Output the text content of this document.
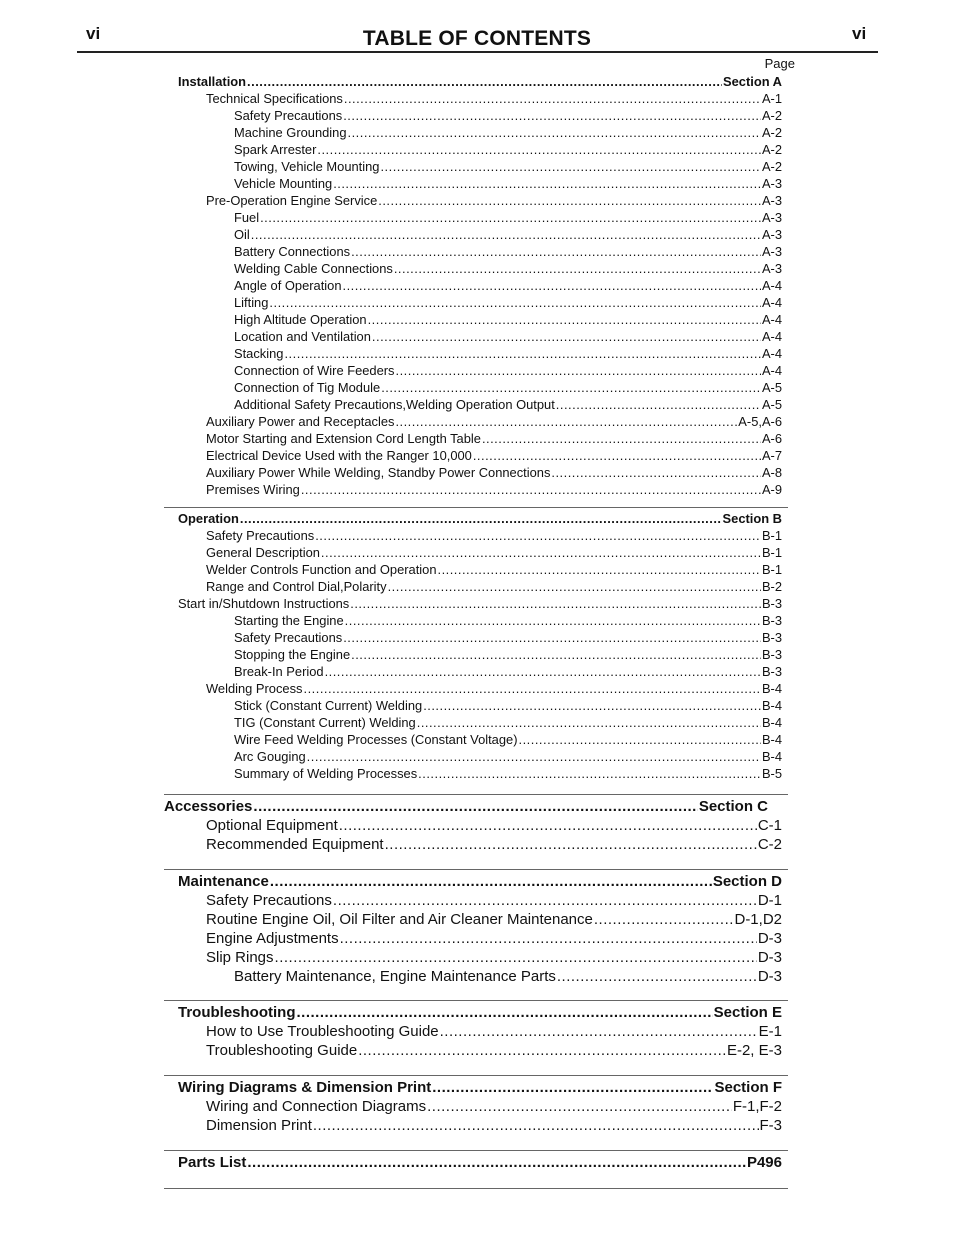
vi	TABLE OF CONTENTS	vi
Page
Installation .....	Section A
Technical Specifications .....	A-1
Safety Precautions .....	A-2
Machine Grounding .....	A-2
Spark Arrester .....	A-2
Towing, Vehicle Mounting .....	A-2
Vehicle Mounting .....	A-3
Pre-Operation Engine Service .....	A-3
Fuel .....	A-3
Oil .....	A-3
Battery Connections .....	A-3
Welding Cable Connections .....	A-3
Angle of Operation .....	A-4
Lifting .....	A-4
High Altitude Operation .....	A-4
Location and Ventilation .....	A-4
Stacking .....	A-4
Connection of Wire Feeders .....	A-4
Connection of Tig Module .....	A-5
Additional Safety Precautions,Welding Operation Output .....	A-5
Auxiliary Power and Receptacles .....	A-5,A-6
Motor Starting and Extension Cord Length Table .....	A-6
Electrical Device Used with the Ranger 10,000 .....	A-7
Auxiliary Power While Welding, Standby Power Connections .....	A-8
Premises Wiring .....	A-9
Operation .....	Section B
Safety Precautions .....	B-1
General Description .....	B-1
Welder Controls Function and Operation .....	B-1
Range and Control Dial,Polarity .....	B-2
Start in/Shutdown Instructions .....	B-3
Starting the Engine .....	B-3
Safety Precautions .....	B-3
Stopping the Engine .....	B-3
Break-In Period .....	B-3
Welding Process .....	B-4
Stick (Constant Current) Welding .....	B-4
TIG (Constant Current) Welding .....	B-4
Wire Feed Welding Processes (Constant Voltage) .....	B-4
Arc Gouging .....	B-4
Summary of Welding Processes .....	B-5
Accessories .....	Section C
Optional Equipment .....	C-1
Recommended Equipment .....	C-2
Maintenance .....	Section D
Safety Precautions .....	D-1
Routine Engine Oil, Oil Filter and Air Cleaner Maintenance .....	D-1,D2
Engine Adjustments .....	D-3
Slip Rings .....	D-3
Battery Maintenance, Engine Maintenance Parts .....	D-3
Troubleshooting .....	Section E
How to Use Troubleshooting Guide .....	E-1
Troubleshooting Guide .....	E-2, E-3
Wiring Diagrams & Dimension Print .....	Section F
Wiring and Connection Diagrams .....	F-1,F-2
Dimension Print .....	F-3
Parts List .....	P496
